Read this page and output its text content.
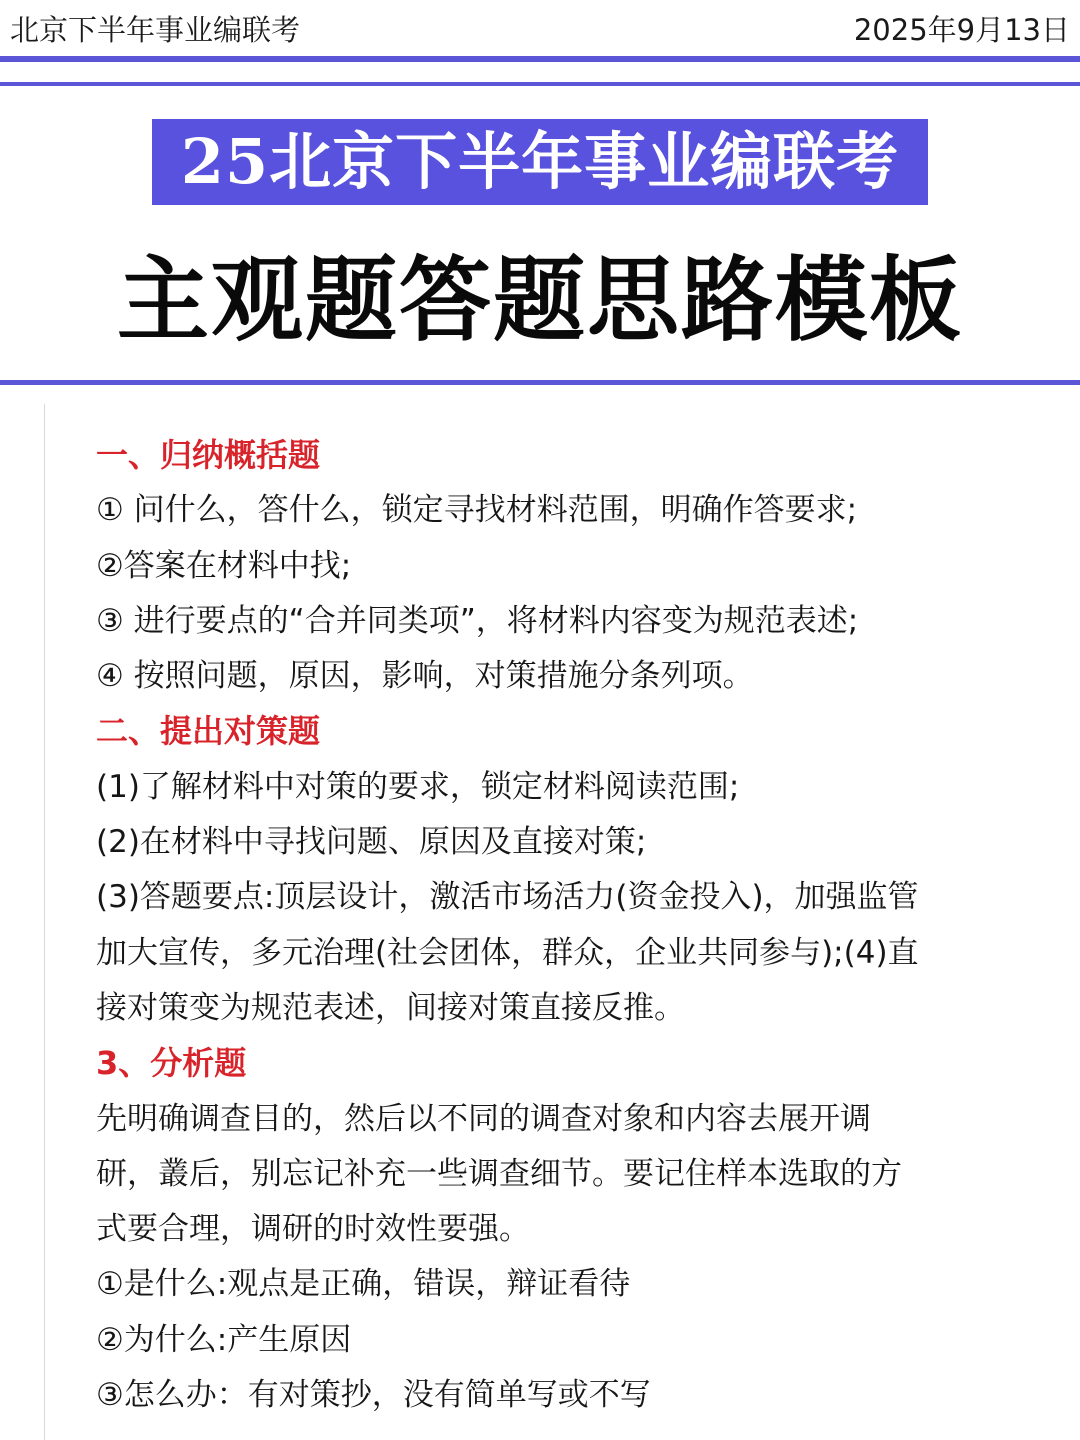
北京下半年事业编联考	2025年9月13日
25北京下半年事业编联考
主观题答题思路模板
一、归纳概括题
① 问什么，答什么，锁定寻找材料范围，明确作答要求;
②答案在材料中找;
③ 进行要点的“合并同类项”，将材料内容变为规范表述;
④ 按照问题，原因，影响，对策措施分条列项。
二、提出对策题
(1)了解材料中对策的要求，锁定材料阅读范围;
(2)在材料中寻找问题、原因及直接对策;
(3)答题要点:顶层设计，激活市场活力(资金投入)，加强监管
加大宣传，多元治理(社会团体，群众，企业共同参与);(4)直
接对策变为规范表述，间接对策直接反推。
3、分析题
先明确调查目的，然后以不同的调查对象和内容去展开调
研，叢后，别忘记补充一些调查细节。要记住样本选取的方
式要合理，调研的时效性要强。
①是什么:观点是正确，错误，辩证看待
②为什么:产生原因
③怎么办：有对策抄，没有简单写或不写
